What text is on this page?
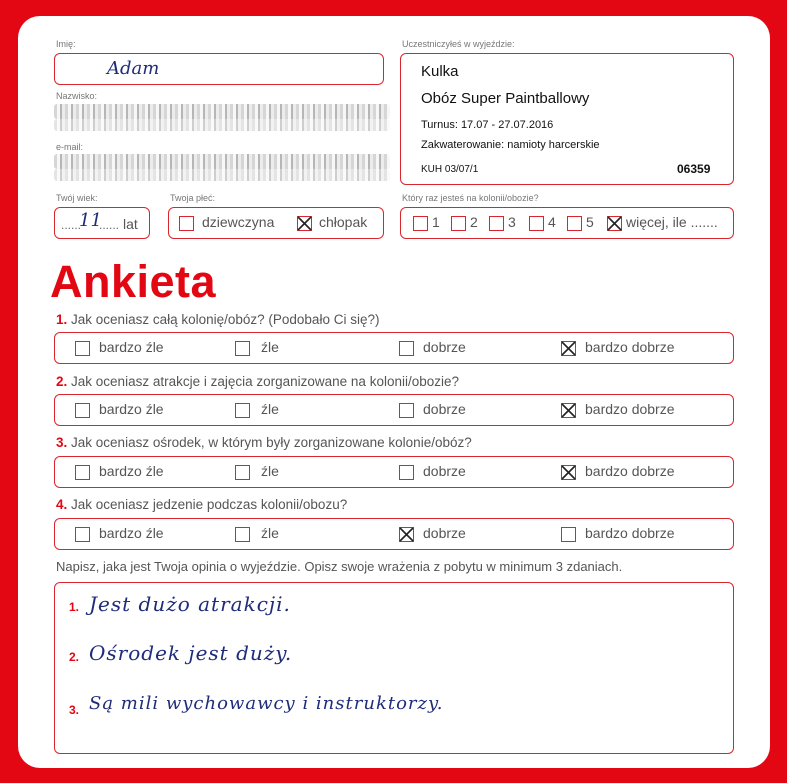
Imię:
Adam
Nazwisko:
e-mail:
Twój wiek:
......
11
...... lat
Twoja płeć:
dziewczyna	chłopak
Uczestniczyłeś w wyjeździe:
Kulka
Obóz Super Paintballowy
Turnus: 17.07 - 27.07.2016
Zakwaterowanie: namioty harcerskie
KUH 03/07/1	06359
Który raz jesteś na kolonii/obozie?
1 2 3 4 5 więcej, ile .......
Ankieta
1. Jak oceniasz całą kolonię/obóz? (Podobało Ci się?)
bardzo źle	źle	dobrze	bardzo dobrze
2. Jak oceniasz atrakcje i zajęcia zorganizowane na kolonii/obozie?
bardzo źle	źle	dobrze	bardzo dobrze
3. Jak oceniasz ośrodek, w którym były zorganizowane kolonie/obóz?
bardzo źle	źle	dobrze	bardzo dobrze
4. Jak oceniasz jedzenie podczas kolonii/obozu?
bardzo źle	źle	dobrze	bardzo dobrze
Napisz, jaka jest Twoja opinia o wyjeździe. Opisz swoje wrażenia z pobytu w minimum 3 zdaniach.
1. Jest dużo atrakcji.
2. Ośrodek jest duży.
3. Są mili wychowawcy i instruktorzy.
